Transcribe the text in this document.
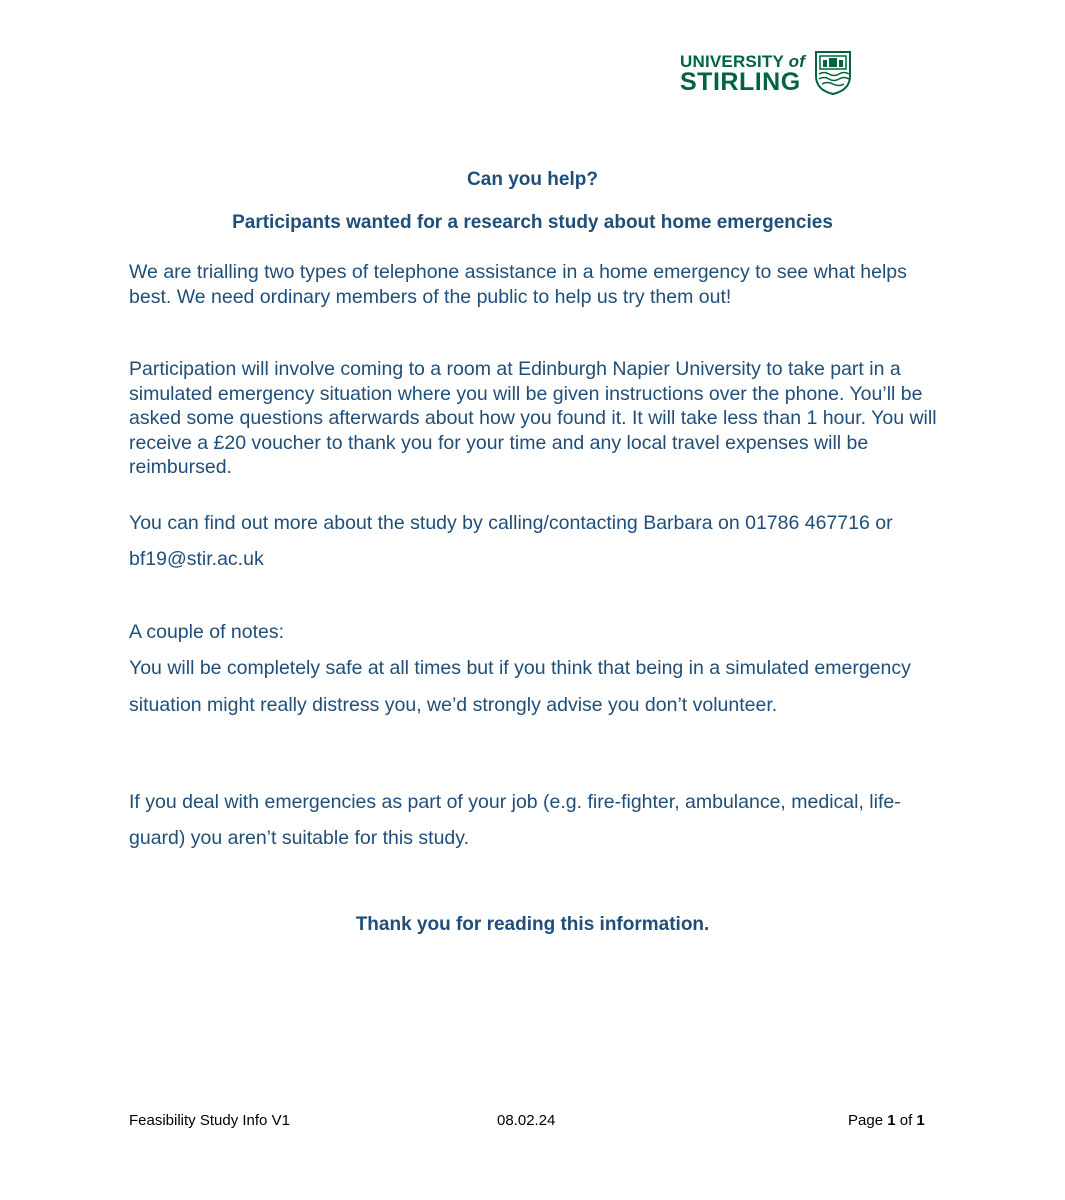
UNIVERSITY of
STIRLING
Can you help?
Participants wanted for a research study about home emergencies
We are trialling two types of telephone assistance in a home emergency to see what helps best. We need ordinary members of the public to help us try them out!
Participation will involve coming to a room at Edinburgh Napier University to take part in a simulated emergency situation where you will be given instructions over the phone. You’ll be asked some questions afterwards about how you found it. It will take less than 1 hour. You will receive a £20 voucher to thank you for your time and any local travel expenses will be reimbursed.
You can find out more about the study by calling/contacting Barbara on 01786 467716 or bf19@stir.ac.uk
A couple of notes:
You will be completely safe at all times but if you think that being in a simulated emergency situation might really distress you, we’d strongly advise you don’t volunteer.
If you deal with emergencies as part of your job (e.g. fire-fighter, ambulance, medical, life-guard) you aren’t suitable for this study.
Thank you for reading this information.
Feasibility Study Info V1	08.02.24	Page 1 of 1
